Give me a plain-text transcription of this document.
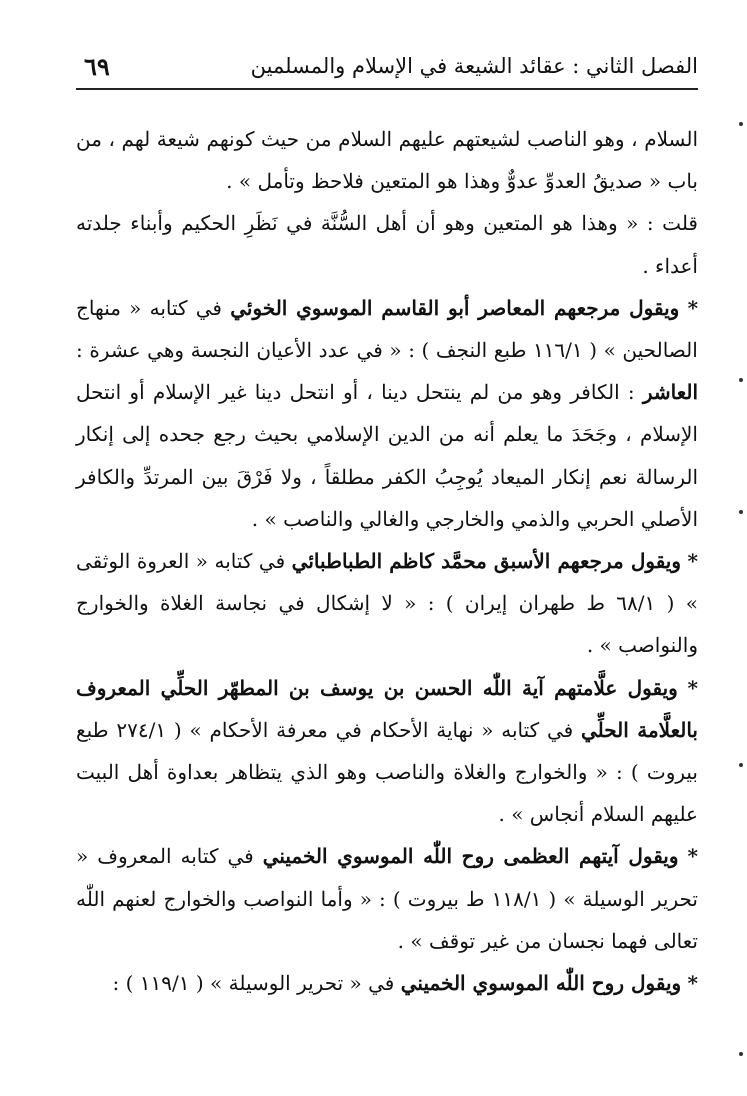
٦٩	الفصل الثاني : عقائد الشيعة في الإسلام والمسلمين

السلام ، وهو الناصب لشيعتهم عليهم السلام من حيث كونهم شيعة لهم ، من باب « صديقُ العدوِّ عدوٌّ وهذا هو المتعين فلاحظ وتأمل » .

قلت : « وهذا هو المتعين وهو أن أهل السُّنَّة في نَظَرِ الحكيم وأبناء جلدته أعداء .

* ويقول مرجعهم المعاصر أبو القاسم الموسوي الخوئي في كتابه « منهاج الصالحين » ( ١١٦/١ طبع النجف ) : « في عدد الأعيان النجسة وهي عشرة : العاشر : الكافر وهو من لم ينتحل دينا ، أو انتحل دينا غير الإسلام أو انتحل الإسلام ، وجَحَدَ ما يعلم أنه من الدين الإسلامي بحيث رجع جحده إلى إنكار الرسالة نعم إنكار الميعاد يُوجِبُ الكفر مطلقاً ، ولا فَرْقَ بين المرتدِّ والكافر الأصلي الحربي والذمي والخارجي والغالي والناصب » .

* ويقول مرجعهم الأسبق محمَّد كاظم الطباطبائي في كتابه « العروة الوثقى » ( ٦٨/١ ط طهران إيران ) : « لا إشكال في نجاسة الغلاة والخوارج والنواصب » .

* ويقول علَّامتهم آية اللّٰه الحسن بن يوسف بن المطهّر الحلِّي المعروف بالعلَّامة الحلِّي في كتابه « نهاية الأحكام في معرفة الأحكام » ( ٢٧٤/١ طبع بيروت ) : « والخوارج والغلاة والناصب وهو الذي يتظاهر بعداوة أهل البيت عليهم السلام أنجاس » .

* ويقول آيتهم العظمى روح اللّٰه الموسوي الخميني في كتابه المعروف « تحرير الوسيلة » ( ١١٨/١ ط بيروت ) : « وأما النواصب والخوارج لعنهم اللّٰه تعالى فهما نجسان من غير توقف » .

* ويقول روح اللّٰه الموسوي الخميني في « تحرير الوسيلة » ( ١١٩/١ ) :
